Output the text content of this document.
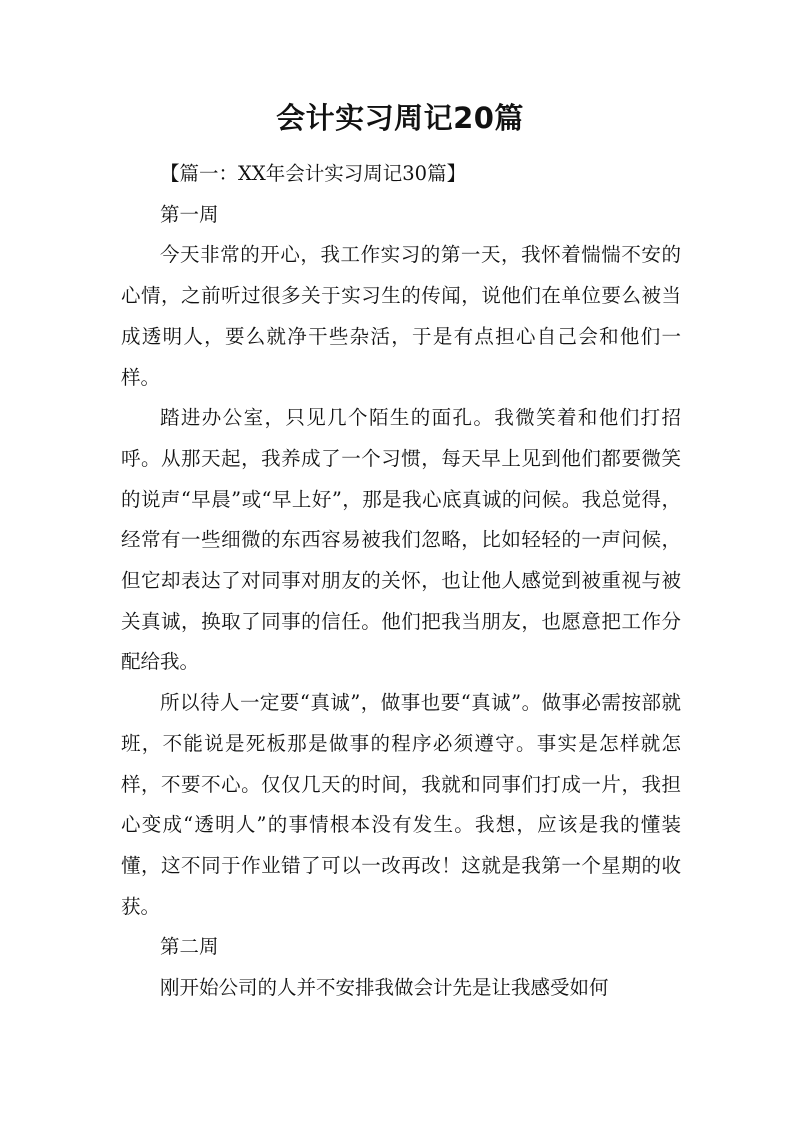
会计实习周记20篇

【篇一：XX年会计实习周记30篇】

第一周

今天非常的开心，我工作实习的第一天，我怀着惴惴不安的心情，之前听过很多关于实习生的传闻，说他们在单位要么被当成透明人，要么就净干些杂活，于是有点担心自己会和他们一样。

踏进办公室，只见几个陌生的面孔。我微笑着和他们打招呼。从那天起，我养成了一个习惯，每天早上见到他们都要微笑的说声“早晨”或“早上好”，那是我心底真诚的问候。我总觉得，经常有一些细微的东西容易被我们忽略，比如轻轻的一声问候，但它却表达了对同事对朋友的关怀，也让他人感觉到被重视与被关真诚，换取了同事的信任。他们把我当朋友，也愿意把工作分配给我。

所以待人一定要“真诚”，做事也要“真诚”。做事必需按部就班，不能说是死板那是做事的程序必须遵守。事实是怎样就怎样，不要不心。仅仅几天的时间，我就和同事们打成一片，我担心变成“透明人”的事情根本没有发生。我想，应该是我的懂装懂，这不同于作业错了可以一改再改！这就是我第一个星期的收获。

第二周

刚开始公司的人并不安排我做会计先是让我感受如何
